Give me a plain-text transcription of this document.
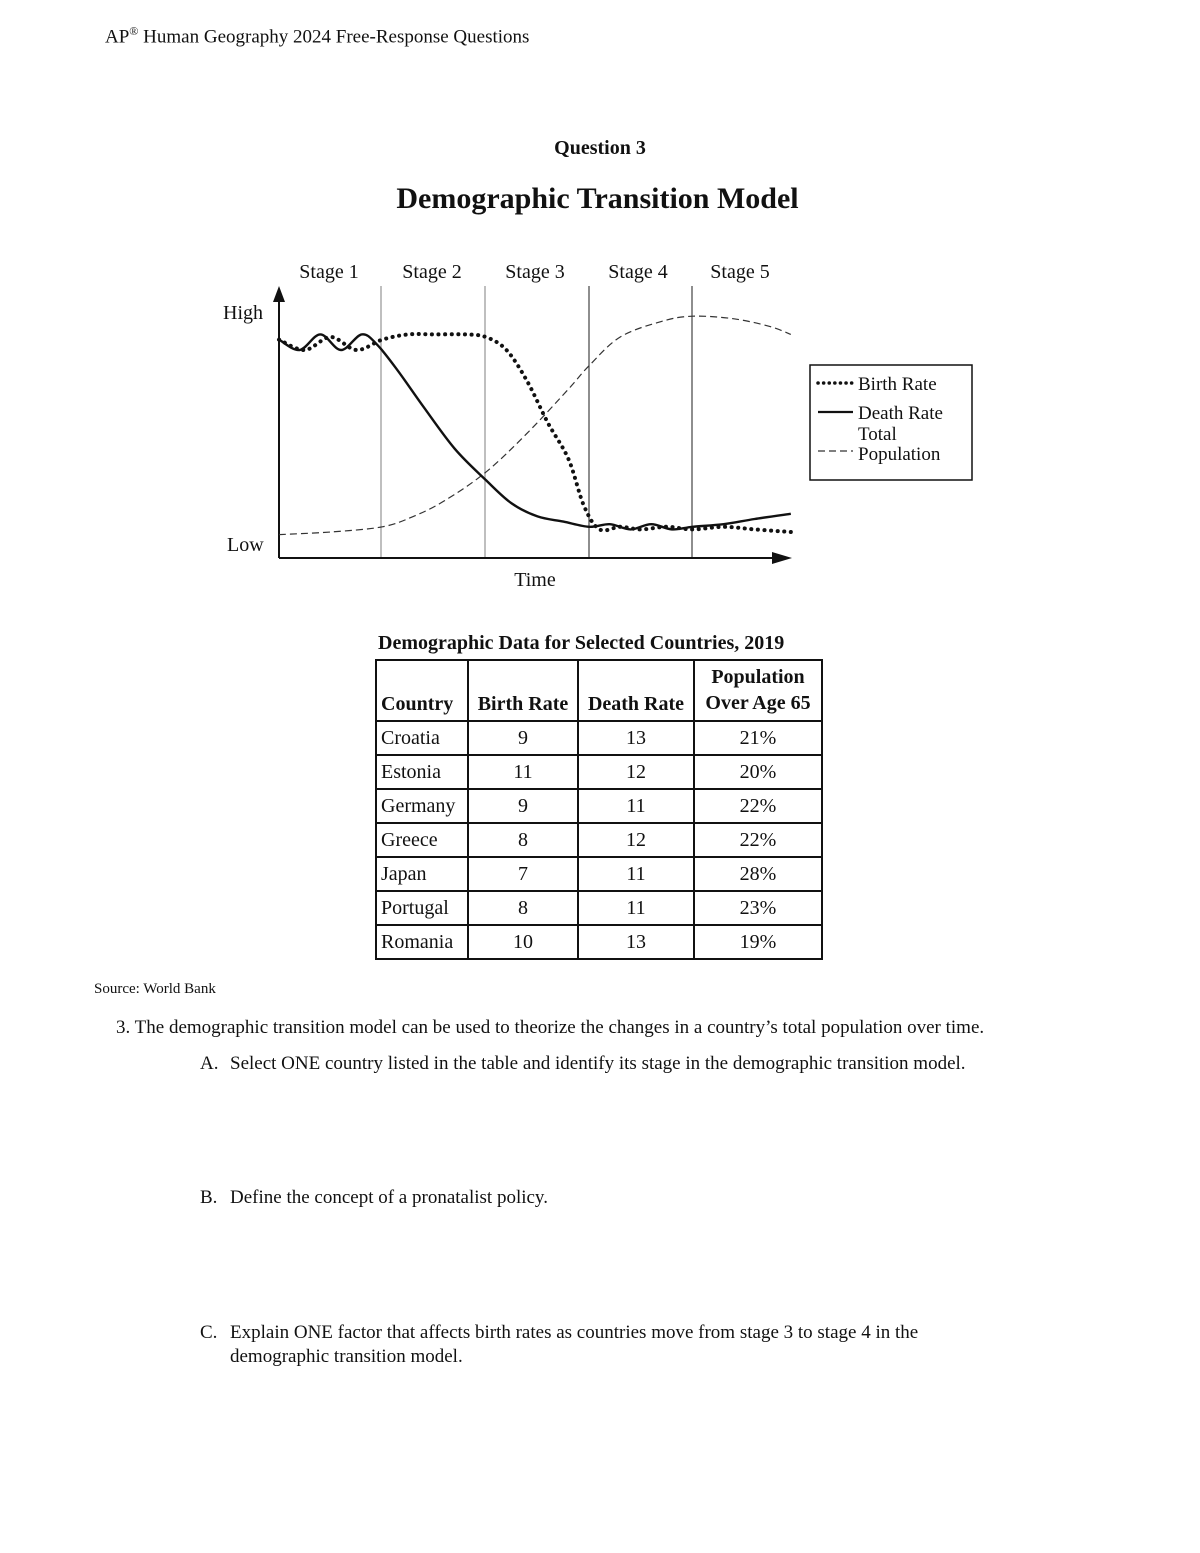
AP® Human Geography 2024 Free-Response Questions
Question 3
Demographic Transition Model
Stage 1 Stage 2 Stage 3 Stage 4 Stage 5
High
Low
Time
Birth Rate
Death Rate
Total Population
Demographic Data for Selected Countries, 2019
Country	Birth Rate	Death Rate	Population
Over Age 65
Croatia	9	13	21%
Estonia	11	12	20%
Germany	9	11	22%
Greece	8	12	22%
Japan	7	11	28%
Portugal	8	11	23%
Romania	10	13	19%
Source: World Bank
3. The demographic transition model can be used to theorize the changes in a country’s total population over time.
A. Select ONE country listed in the table and identify its stage in the demographic transition model.
B. Define the concept of a pronatalist policy.
C. Explain ONE factor that affects birth rates as countries move from stage 3 to stage 4 in the demographic transition model.
